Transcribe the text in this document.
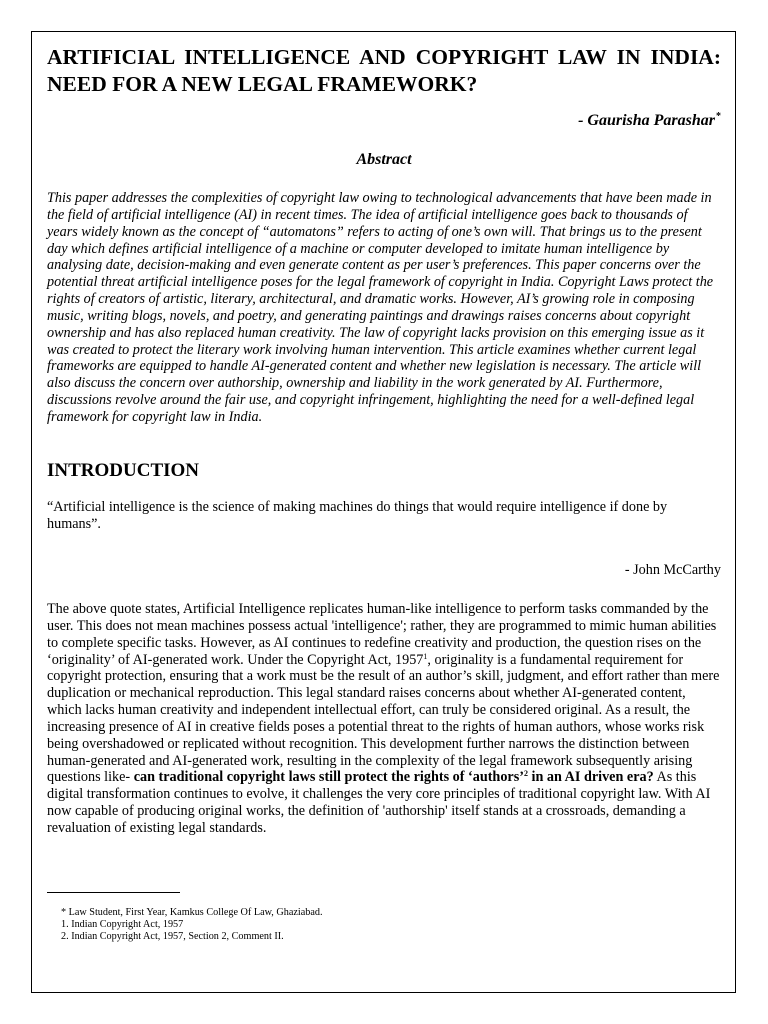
ARTIFICIAL INTELLIGENCE AND COPYRIGHT LAW IN INDIA: NEED FOR A NEW LEGAL FRAMEWORK?
- Gaurisha Parashar*
Abstract

This paper addresses the complexities of copyright law owing to technological advancements that have been made in the field of artificial intelligence (AI) in recent times. The idea of artificial intelligence goes back to thousands of years widely known as the concept of “automatons” refers to acting of one’s own will. That brings us to the present day which defines artificial intelligence of a machine or computer developed to imitate human intelligence by analysing date, decision-making and even generate content as per user’s preferences. This paper concerns over the potential threat artificial intelligence poses for the legal framework of copyright in India. Copyright Laws protect the rights of creators of artistic, literary, architectural, and dramatic works. However, AI’s growing role in composing music, writing blogs, novels, and poetry, and generating paintings and drawings raises concerns about copyright ownership and has also replaced human creativity. The law of copyright lacks provision on this emerging issue as it was created to protect the literary work involving human intervention. This article examines whether current legal frameworks are equipped to handle AI-generated content and whether new legislation is necessary. The article will also discuss the concern over authorship, ownership and liability in the work generated by AI. Furthermore, discussions revolve around the fair use, and copyright infringement, highlighting the need for a well-defined legal framework for copyright law in India.

INTRODUCTION

“Artificial intelligence is the science of making machines do things that would require intelligence if done by humans”.

- John McCarthy

The above quote states, Artificial Intelligence replicates human-like intelligence to perform tasks commanded by the user. This does not mean machines possess actual 'intelligence'; rather, they are programmed to mimic human abilities to complete specific tasks. However, as AI continues to redefine creativity and production, the question rises on the ‘originality’ of AI-generated work. Under the Copyright Act, 1957$^1$, originality is a fundamental requirement for copyright protection, ensuring that a work must be the result of an author’s skill, judgment, and effort rather than mere duplication or mechanical reproduction. This legal standard raises concerns about whether AI-generated content, which lacks human creativity and independent intellectual effort, can truly be considered original. As a result, the increasing presence of AI in creative fields poses a potential threat to the rights of human authors, whose works risk being overshadowed or replicated without recognition. This development further narrows the distinction between human-generated and AI-generated work, resulting in the complexity of the legal framework subsequently arising questions like- can traditional copyright laws still protect the rights of ‘authors’$^2$ in an AI driven era? As this digital transformation continues to evolve, it challenges the very core principles of traditional copyright law. With AI now capable of producing original works, the definition of 'authorship' itself stands at a crossroads, demanding a revaluation of existing legal standards.

* Law Student, First Year, Kamkus College Of Law, Ghaziabad.
1. Indian Copyright Act, 1957
2. Indian Copyright Act, 1957, Section 2, Comment II.
